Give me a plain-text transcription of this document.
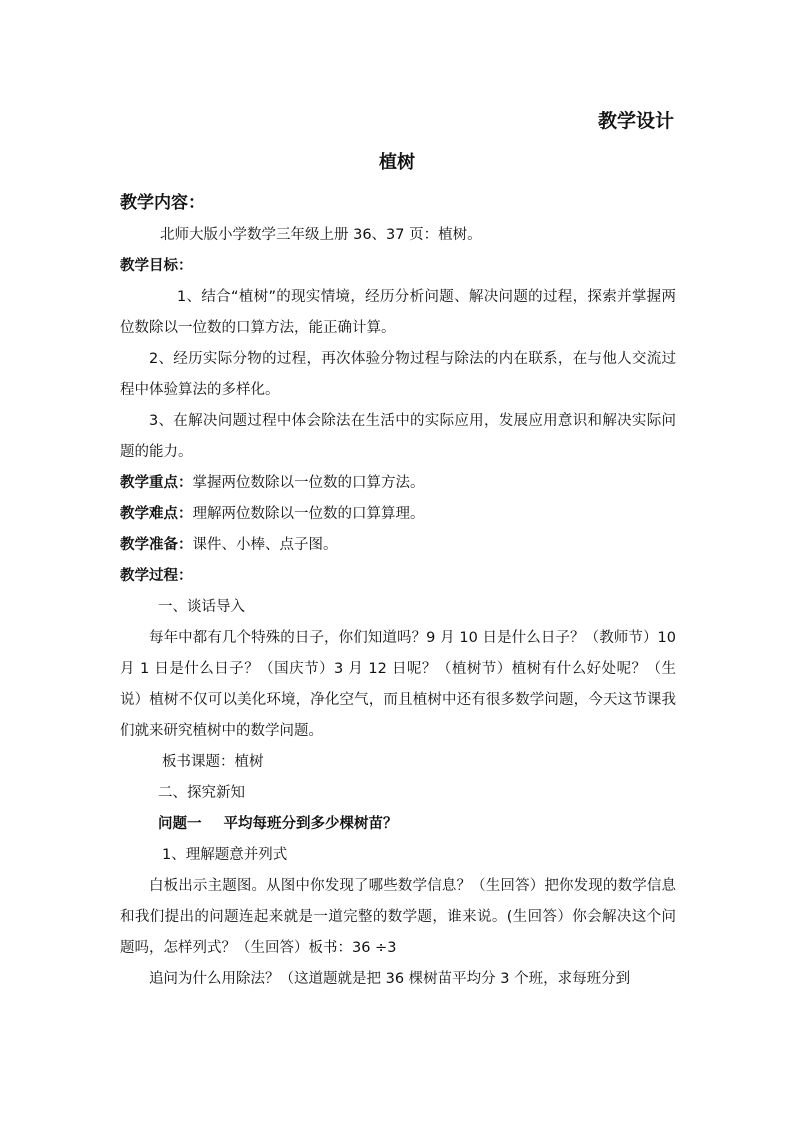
教学设计
植树
教学内容：
北师大版小学数学三年级上册 36、37 页：植树。
教学目标：
1、结合“植树”的现实情境，经历分析问题、解决问题的过程，探索并掌握两位数除以一位数的口算方法，能正确计算。
2、经历实际分物的过程，再次体验分物过程与除法的内在联系，在与他人交流过程中体验算法的多样化。
3、在解决问题过程中体会除法在生活中的实际应用，发展应用意识和解决实际问题的能力。
教学重点：掌握两位数除以一位数的口算方法。
教学难点：理解两位数除以一位数的口算算理。
教学准备：课件、小棒、点子图。
教学过程：
一、谈话导入
每年中都有几个特殊的日子，你们知道吗？9 月 10 日是什么日子？（教师节）10 月 1 日是什么日子？（国庆节）3 月 12 日呢？（植树节）植树有什么好处呢？（生说）植树不仅可以美化环境，净化空气，而且植树中还有很多数学问题，今天这节课我们就来研究植树中的数学问题。
板书课题：植树
二、探究新知
问题一 平均每班分到多少棵树苗？
1、理解题意并列式
白板出示主题图。从图中你发现了哪些数学信息？（生回答）把你发现的数学信息和我们提出的问题连起来就是一道完整的数学题，谁来说。(生回答）你会解决这个问题吗，怎样列式？（生回答）板书：36 ÷3
追问为什么用除法？（这道题就是把 36 棵树苗平均分 3 个班，求每班分到
